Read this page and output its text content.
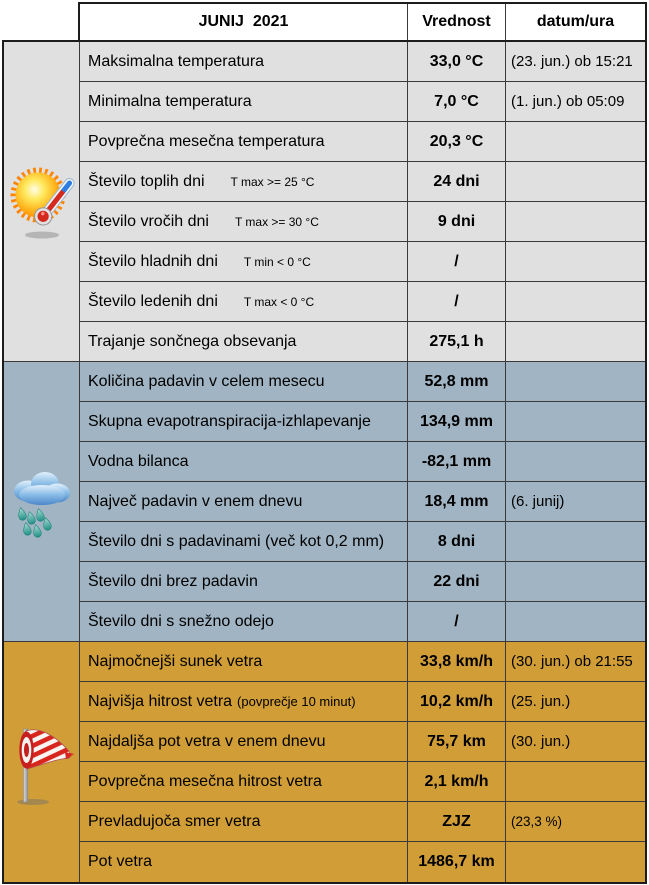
JUNIJ  2021	Vrednost	datum/ura
Maksimalna temperatura	33,0 °C	(23. jun.) ob 15:21
Minimalna temperatura	7,0 °C	(1. jun.) ob 05:09
Povprečna mesečna temperatura	20,3 °C
Število toplih dni T max >= 25 °C	24 dni
Število vročih dni T max >= 30 °C	9 dni
Število hladnih dni T min < 0 °C	/
Število ledenih dni T max < 0 °C	/
Trajanje sončnega obsevanja	275,1 h
Količina padavin v celem mesecu	52,8 mm
Skupna evapotranspiracija-izhlapevanje	134,9 mm
Vodna bilanca	-82,1 mm
Največ padavin v enem dnevu	18,4 mm	(6. junij)
Število dni s padavinami (več kot 0,2 mm)	8 dni
Število dni brez padavin	22 dni
Število dni s snežno odejo	/
Najmočnejši sunek vetra	33,8 km/h	(30. jun.) ob 21:55
Najvišja hitrost vetra (povprečje 10 minut)	10,2 km/h	(25. jun.)
Najdaljša pot vetra v enem dnevu	75,7 km	(30. jun.)
Povprečna mesečna hitrost vetra	2,1 km/h
Prevladujoča smer vetra	ZJZ	(23,3 %)
Pot vetra	1486,7 km
